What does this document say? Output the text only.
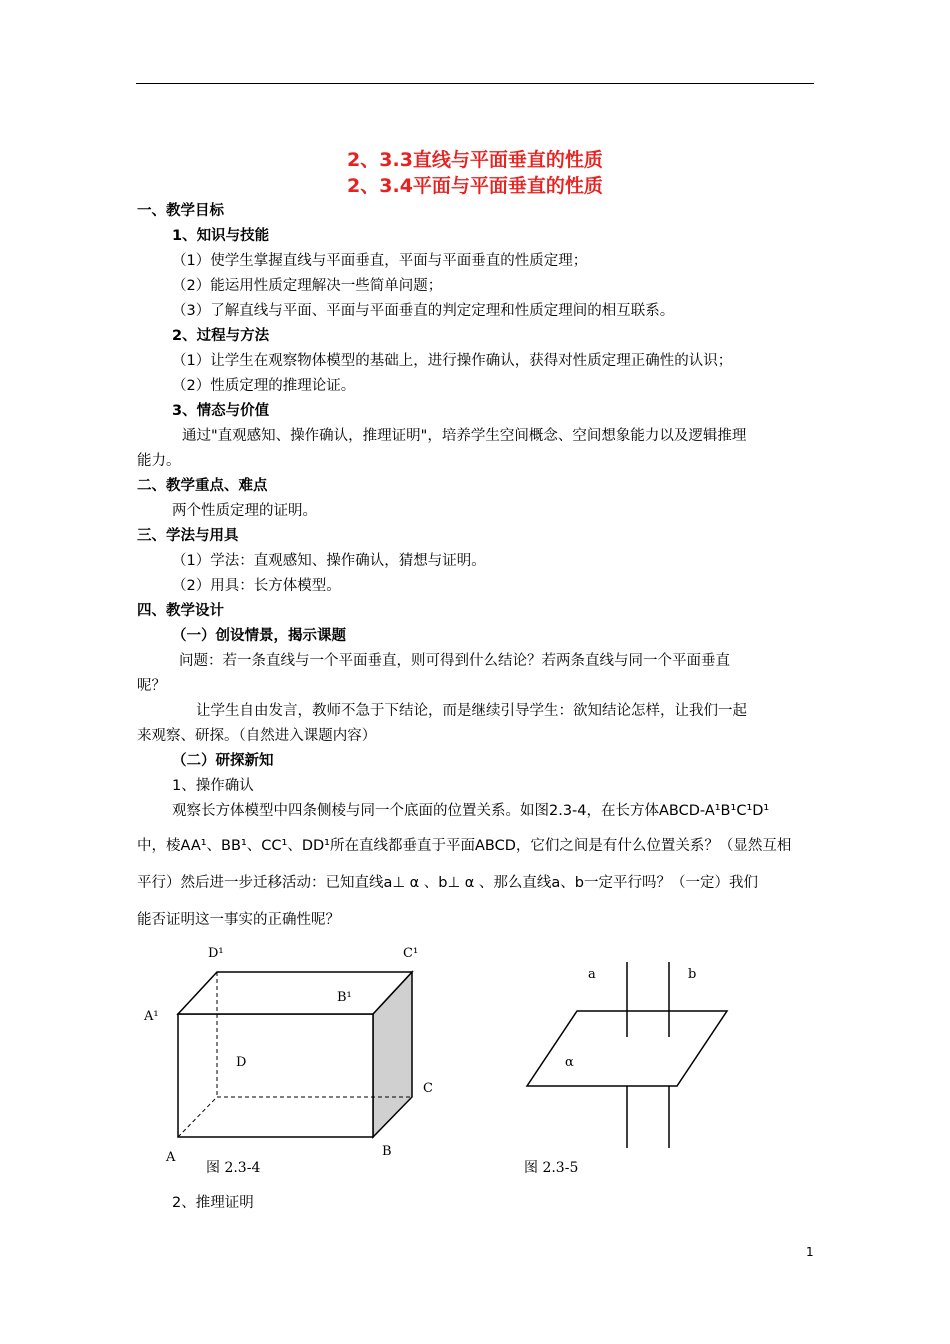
2、3.3直线与平面垂直的性质
2、3.4平面与平面垂直的性质
一、教学目标
1、知识与技能
（1）使学生掌握直线与平面垂直，平面与平面垂直的性质定理；
（2）能运用性质定理解决一些简单问题；
（3）了解直线与平面、平面与平面垂直的判定定理和性质定理间的相互联系。
2、过程与方法
（1）让学生在观察物体模型的基础上，进行操作确认，获得对性质定理正确性的认识；
（2）性质定理的推理论证。
3、情态与价值
通过"直观感知、操作确认，推理证明"，培养学生空间概念、空间想象能力以及逻辑推理
能力。
二、教学重点、难点
两个性质定理的证明。
三、学法与用具
（1）学法：直观感知、操作确认，猜想与证明。
（2）用具：长方体模型。
四、教学设计
（一）创设情景，揭示课题
问题：若一条直线与一个平面垂直，则可得到什么结论？若两条直线与同一个平面垂直
呢？
让学生自由发言，教师不急于下结论，而是继续引导学生：欲知结论怎样，让我们一起
来观察、研探。（自然进入课题内容）
（二）研探新知
1、操作确认
观察长方体模型中四条侧棱与同一个底面的位置关系。如图2.3-4，在长方体ABCD-A¹B¹C¹D¹
中，棱AA¹、BB¹、CC¹、DD¹所在直线都垂直于平面ABCD，它们之间是有什么位置关系？（显然互相
平行）然后进一步迁移活动：已知直线a⊥ α 、b⊥ α 、那么直线a、b一定平行吗？（一定）我们
能否证明这一事实的正确性呢？
D¹	C¹
B¹
A¹
D
C
A	B
图 2.3-4
a	b
α
图 2.3-5
2、推理证明
1
